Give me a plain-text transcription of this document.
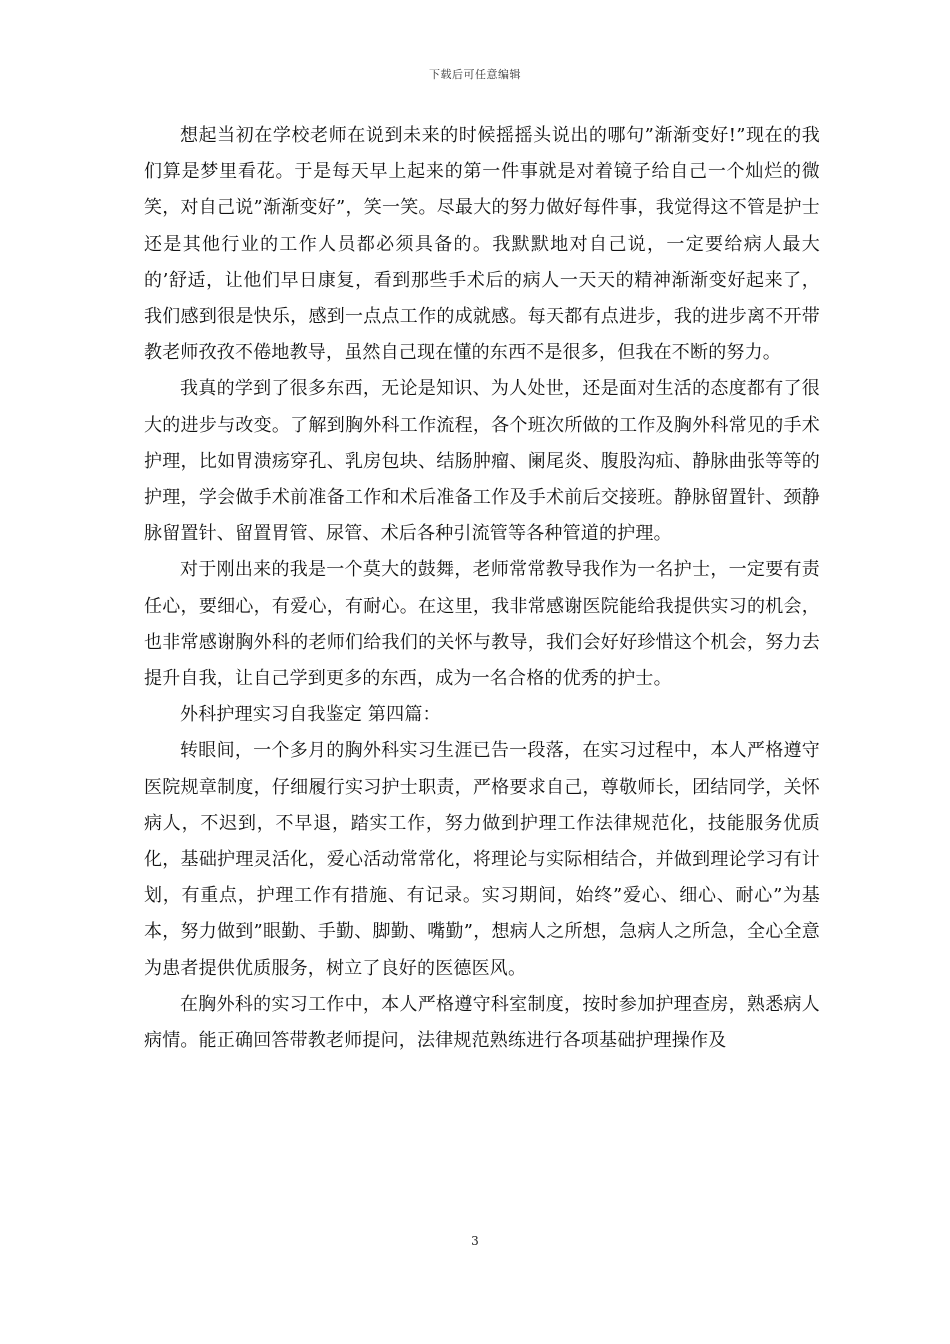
下载后可任意编辑

想起当初在学校老师在说到未来的时候摇摇头说出的哪句”渐渐变好!”现在的我们算是梦里看花。于是每天早上起来的第一件事就是对着镜子给自己一个灿烂的微笑，对自己说”渐渐变好”，笑一笑。尽最大的努力做好每件事，我觉得这不管是护士还是其他行业的工作人员都必须具备的。我默默地对自己说，一定要给病人最大的’舒适，让他们早日康复，看到那些手术后的病人一天天的精神渐渐变好起来了，我们感到很是快乐，感到一点点工作的成就感。每天都有点进步，我的进步离不开带教老师孜孜不倦地教导，虽然自己现在懂的东西不是很多，但我在不断的努力。

我真的学到了很多东西，无论是知识、为人处世，还是面对生活的态度都有了很大的进步与改变。了解到胸外科工作流程，各个班次所做的工作及胸外科常见的手术护理，比如胃溃疡穿孔、乳房包块、结肠肿瘤、阑尾炎、腹股沟疝、静脉曲张等等的护理，学会做手术前准备工作和术后准备工作及手术前后交接班。静脉留置针、颈静脉留置针、留置胃管、尿管、术后各种引流管等各种管道的护理。

对于刚出来的我是一个莫大的鼓舞，老师常常教导我作为一名护士，一定要有责任心，要细心，有爱心，有耐心。在这里，我非常感谢医院能给我提供实习的机会，也非常感谢胸外科的老师们给我们的关怀与教导，我们会好好珍惜这个机会，努力去提升自我，让自己学到更多的东西，成为一名合格的优秀的护士。

外科护理实习自我鉴定 第四篇：

转眼间，一个多月的胸外科实习生涯已告一段落，在实习过程中，本人严格遵守医院规章制度，仔细履行实习护士职责，严格要求自己，尊敬师长，团结同学，关怀病人，不迟到，不早退，踏实工作，努力做到护理工作法律规范化，技能服务优质化，基础护理灵活化，爱心活动常常化，将理论与实际相结合，并做到理论学习有计划，有重点，护理工作有措施、有记录。实习期间，始终”爱心、细心、耐心”为基本，努力做到”眼勤、手勤、脚勤、嘴勤”，想病人之所想，急病人之所急，全心全意为患者提供优质服务，树立了良好的医德医风。

在胸外科的实习工作中，本人严格遵守科室制度，按时参加护理查房，熟悉病人病情。能正确回答带教老师提问，法律规范熟练进行各项基础护理操作及

3
